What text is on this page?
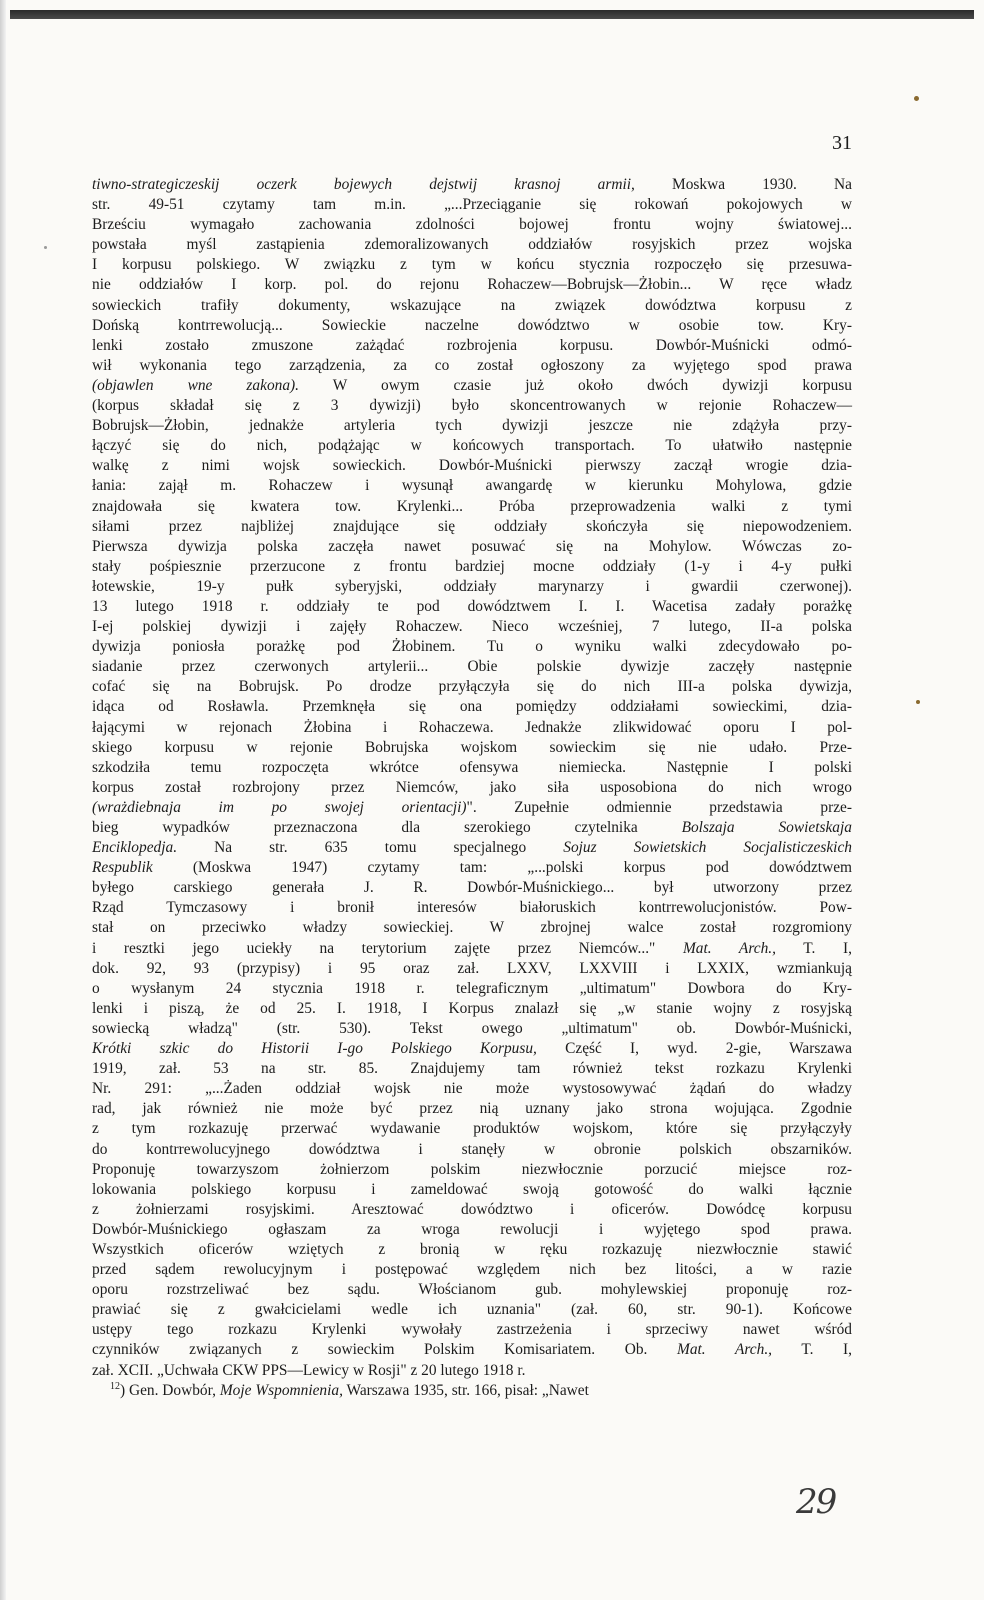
31
tiwno-strategiczeskij oczerk bojewych dejstwij krasnoj armii, Moskwa 1930. Na
str. 49-51 czytamy tam m.in. „...Przeciąganie się rokowań pokojowych w
Brześciu wymagało zachowania zdolności bojowej frontu wojny światowej...
powstała myśl zastąpienia zdemoralizowanych oddziałów rosyjskich przez wojska
I korpusu polskiego. W związku z tym w końcu stycznia rozpoczęło się przesuwa-
nie oddziałów I korp. pol. do rejonu Rohaczew—Bobrujsk—Żłobin... W ręce władz
sowieckich trafiły dokumenty, wskazujące na związek dowództwa korpusu z
Dońską kontrrewolucją... Sowieckie naczelne dowództwo w osobie tow. Kry-
lenki zostało zmuszone zażądać rozbrojenia korpusu. Dowbór-Muśnicki odmó-
wił wykonania tego zarządzenia, za co został ogłoszony za wyjętego spod prawa
(objawlen wne zakona). W owym czasie już około dwóch dywizji korpusu
(korpus składał się z 3 dywizji) było skoncentrowanych w rejonie Rohaczew—
Bobrujsk—Żłobin, jednakże artyleria tych dywizji jeszcze nie zdążyła przy-
łączyć się do nich, podążając w końcowych transportach. To ułatwiło następnie
walkę z nimi wojsk sowieckich. Dowbór-Muśnicki pierwszy zaczął wrogie dzia-
łania: zajął m. Rohaczew i wysunął awangardę w kierunku Mohylowa, gdzie
znajdowała się kwatera tow. Krylenki... Próba przeprowadzenia walki z tymi
siłami przez najbliżej znajdujące się oddziały skończyła się niepowodzeniem.
Pierwsza dywizja polska zaczęła nawet posuwać się na Mohylow. Wówczas zo-
stały pośpiesznie przerzucone z frontu bardziej mocne oddziały (1-y i 4-y pułki
łotewskie, 19-y pułk syberyjski, oddziały marynarzy i gwardii czerwonej).
13 lutego 1918 r. oddziały te pod dowództwem I. I. Wacetisa zadały porażkę
I-ej polskiej dywizji i zajęły Rohaczew. Nieco wcześniej, 7 lutego, II-a polska
dywizja poniosła porażkę pod Żłobinem. Tu o wyniku walki zdecydowało po-
siadanie przez czerwonych artylerii... Obie polskie dywizje zaczęły następnie
cofać się na Bobrujsk. Po drodze przyłączyła się do nich III-a polska dywizja,
idąca od Rosławla. Przemknęła się ona pomiędzy oddziałami sowieckimi, dzia-
łającymi w rejonach Żłobina i Rohaczewa. Jednakże zlikwidować oporu I pol-
skiego korpusu w rejonie Bobrujska wojskom sowieckim się nie udało. Prze-
szkodziła temu rozpoczęta wkrótce ofensywa niemiecka. Następnie I polski
korpus został rozbrojony przez Niemców, jako siła usposobiona do nich wrogo
(wrażdiebnaja im po swojej orientacji)". Zupełnie odmiennie przedstawia prze-
bieg wypadków przeznaczona dla szerokiego czytelnika Bolszaja Sowietskaja
Enciklopedja. Na str. 635 tomu specjalnego Sojuz Sowietskich Socjalisticzeskich
Respublik (Moskwa 1947) czytamy tam: „...polski korpus pod dowództwem
byłego carskiego generała J. R. Dowbór-Muśnickiego... był utworzony przez
Rząd Tymczasowy i bronił interesów białoruskich kontrrewolucjonistów. Pow-
stał on przeciwko władzy sowieckiej. W zbrojnej walce został rozgromiony
i resztki jego uciekły na terytorium zajęte przez Niemców..." Mat. Arch., T. I,
dok. 92, 93 (przypisy) i 95 oraz zał. LXXV, LXXVIII i LXXIX, wzmiankują
o wysłanym 24 stycznia 1918 r. telegraficznym „ultimatum" Dowbora do Kry-
lenki i piszą, że od 25. I. 1918, I Korpus znalazł się „w stanie wojny z rosyjską
sowiecką władzą" (str. 530). Tekst owego „ultimatum" ob. Dowbór-Muśnicki,
Krótki szkic do Historii I-go Polskiego Korpusu, Część I, wyd. 2-gie, Warszawa
1919, zał. 53 na str. 85. Znajdujemy tam również tekst rozkazu Krylenki
Nr. 291: „...Żaden oddział wojsk nie może wystosowywać żądań do władzy
rad, jak również nie może być przez nią uznany jako strona wojująca. Zgodnie
z tym rozkazuję przerwać wydawanie produktów wojskom, które się przyłączyły
do kontrrewolucyjnego dowództwa i stanęły w obronie polskich obszarników.
Proponuję towarzyszom żołnierzom polskim niezwłocznie porzucić miejsce roz-
lokowania polskiego korpusu i zameldować swoją gotowość do walki łącznie
z żołnierzami rosyjskimi. Aresztować dowództwo i oficerów. Dowódcę korpusu
Dowbór-Muśnickiego ogłaszam za wroga rewolucji i wyjętego spod prawa.
Wszystkich oficerów wziętych z bronią w ręku rozkazuję niezwłocznie stawić
przed sądem rewolucyjnym i postępować względem nich bez litości, a w razie
oporu rozstrzeliwać bez sądu. Włościanom gub. mohylewskiej proponuję roz-
prawiać się z gwałcicielami wedle ich uznania" (zał. 60, str. 90-1). Końcowe
ustępy tego rozkazu Krylenki wywołały zastrzeżenia i sprzeciwy nawet wśród
czynników związanych z sowieckim Polskim Komisariatem. Ob. Mat. Arch., T. I,
zał. XCII. „Uchwała CKW PPS—Lewicy w Rosji" z 20 lutego 1918 r.
$^{12}$) Gen. Dowbór, Moje Wspomnienia, Warszawa 1935, str. 166, pisał: „Nawet
29
